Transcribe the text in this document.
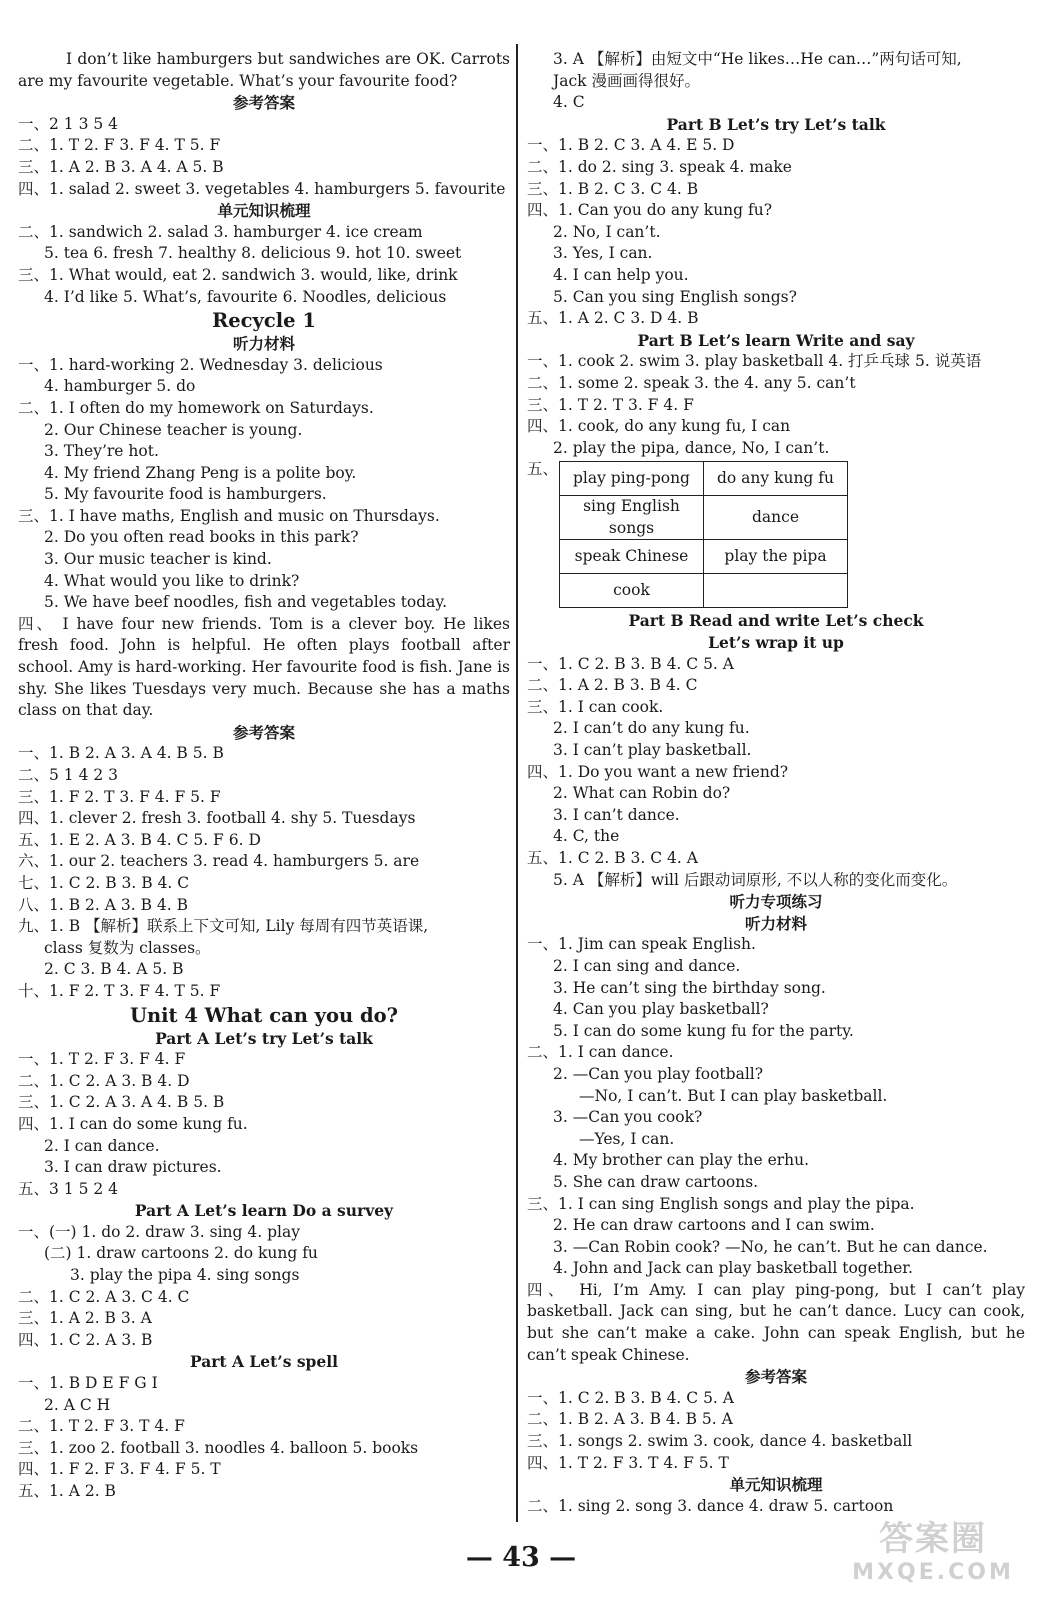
I don’t like hamburgers but sandwiches are OK. Carrots are my favourite vegetable. What’s your favourite food?
参考答案
一、2 1 3 5 4
二、1. T 2. F 3. F 4. T 5. F
三、1. A 2. B 3. A 4. A 5. B
四、1. salad 2. sweet 3. vegetables 4. hamburgers 5. favourite
单元知识梳理
二、1. sandwich 2. salad 3. hamburger 4. ice cream
5. tea 6. fresh 7. healthy 8. delicious 9. hot 10. sweet
三、1. What would, eat 2. sandwich 3. would, like, drink
4. I’d like 5. What’s, favourite 6. Noodles, delicious
Recycle 1
听力材料
一、1. hard-working 2. Wednesday 3. delicious
4. hamburger 5. do
二、1. I often do my homework on Saturdays.
2. Our Chinese teacher is young.
3. They’re hot.
4. My friend Zhang Peng is a polite boy.
5. My favourite food is hamburgers.
三、1. I have maths, English and music on Thursdays.
2. Do you often read books in this park?
3. Our music teacher is kind.
4. What would you like to drink?
5. We have beef noodles, fish and vegetables today.
四、 I have four new friends. Tom is a clever boy. He likes fresh food. John is helpful. He often plays football after school. Amy is hard-working. Her favourite food is fish. Jane is shy. She likes Tuesdays very much. Because she has a maths class on that day.
参考答案
一、1. B 2. A 3. A 4. B 5. B
二、5 1 4 2 3
三、1. F 2. T 3. F 4. F 5. F
四、1. clever 2. fresh 3. football 4. shy 5. Tuesdays
五、1. E 2. A 3. B 4. C 5. F 6. D
六、1. our 2. teachers 3. read 4. hamburgers 5. are
七、1. C 2. B 3. B 4. C
八、1. B 2. A 3. B 4. B
九、1. B 【解析】联系上下文可知, Lily 每周有四节英语课,
class 复数为 classes。
2. C 3. B 4. A 5. B
十、1. F 2. T 3. F 4. T 5. F
Unit 4 What can you do?
Part A Let’s try Let’s talk
一、1. T 2. F 3. F 4. F
二、1. C 2. A 3. B 4. D
三、1. C 2. A 3. A 4. B 5. B
四、1. I can do some kung fu.
2. I can dance.
3. I can draw pictures.
五、3 1 5 2 4
Part A Let’s learn Do a survey
一、(一) 1. do 2. draw 3. sing 4. play
(二) 1. draw cartoons 2. do kung fu
3. play the pipa 4. sing songs
二、1. C 2. A 3. C 4. C
三、1. A 2. B 3. A
四、1. C 2. A 3. B
Part A Let’s spell
一、1. B D E F G I
2. A C H
二、1. T 2. F 3. T 4. F
三、1. zoo 2. football 3. noodles 4. balloon 5. books
四、1. F 2. F 3. F 4. F 5. T
五、1. A 2. B
3. A 【解析】由短文中“He likes…He can…”两句话可知,
Jack 漫画画得很好。
4. C
Part B Let’s try Let’s talk
一、1. B 2. C 3. A 4. E 5. D
二、1. do 2. sing 3. speak 4. make
三、1. B 2. C 3. C 4. B
四、1. Can you do any kung fu?
2. No, I can’t.
3. Yes, I can.
4. I can help you.
5. Can you sing English songs?
五、1. A 2. C 3. D 4. B
Part B Let’s learn Write and say
一、1. cook 2. swim 3. play basketball 4. 打乒乓球 5. 说英语
二、1. some 2. speak 3. the 4. any 5. can’t
三、1. T 2. T 3. F 4. F
四、1. cook, do any kung fu, I can
2. play the pipa, dance, No, I can’t.
五、 play ping-pong	do any kung fu
sing English songs	dance
speak Chinese	play the pipa
cook	
Part B Read and write Let’s check
Let’s wrap it up
一、1. C 2. B 3. B 4. C 5. A
二、1. A 2. B 3. B 4. C
三、1. I can cook.
2. I can’t do any kung fu.
3. I can’t play basketball.
四、1. Do you want a new friend?
2. What can Robin do?
3. I can’t dance.
4. C, the
五、1. C 2. B 3. C 4. A
5. A 【解析】will 后跟动词原形, 不以人称的变化而变化。
听力专项练习
听力材料
一、1. Jim can speak English.
2. I can sing and dance.
3. He can’t sing the birthday song.
4. Can you play basketball?
5. I can do some kung fu for the party.
二、1. I can dance.
2. —Can you play football?
—No, I can’t. But I can play basketball.
3. —Can you cook?
—Yes, I can.
4. My brother can play the erhu.
5. She can draw cartoons.
三、1. I can sing English songs and play the pipa.
2. He can draw cartoons and I can swim.
3. —Can Robin cook? —No, he can’t. But he can dance.
4. John and Jack can play basketball together.
四、 Hi, I’m Amy. I can play ping-pong, but I can’t play basketball. Jack can sing, but he can’t dance. Lucy can cook, but she can’t make a cake. John can speak English, but he can’t speak Chinese.
参考答案
一、1. C 2. B 3. B 4. C 5. A
二、1. B 2. A 3. B 4. B 5. A
三、1. songs 2. swim 3. cook, dance 4. basketball
四、1. T 2. F 3. T 4. F 5. T
单元知识梳理
二、1. sing 2. song 3. dance 4. draw 5. cartoon
— 43 —	答案圈
MXQE.COM
